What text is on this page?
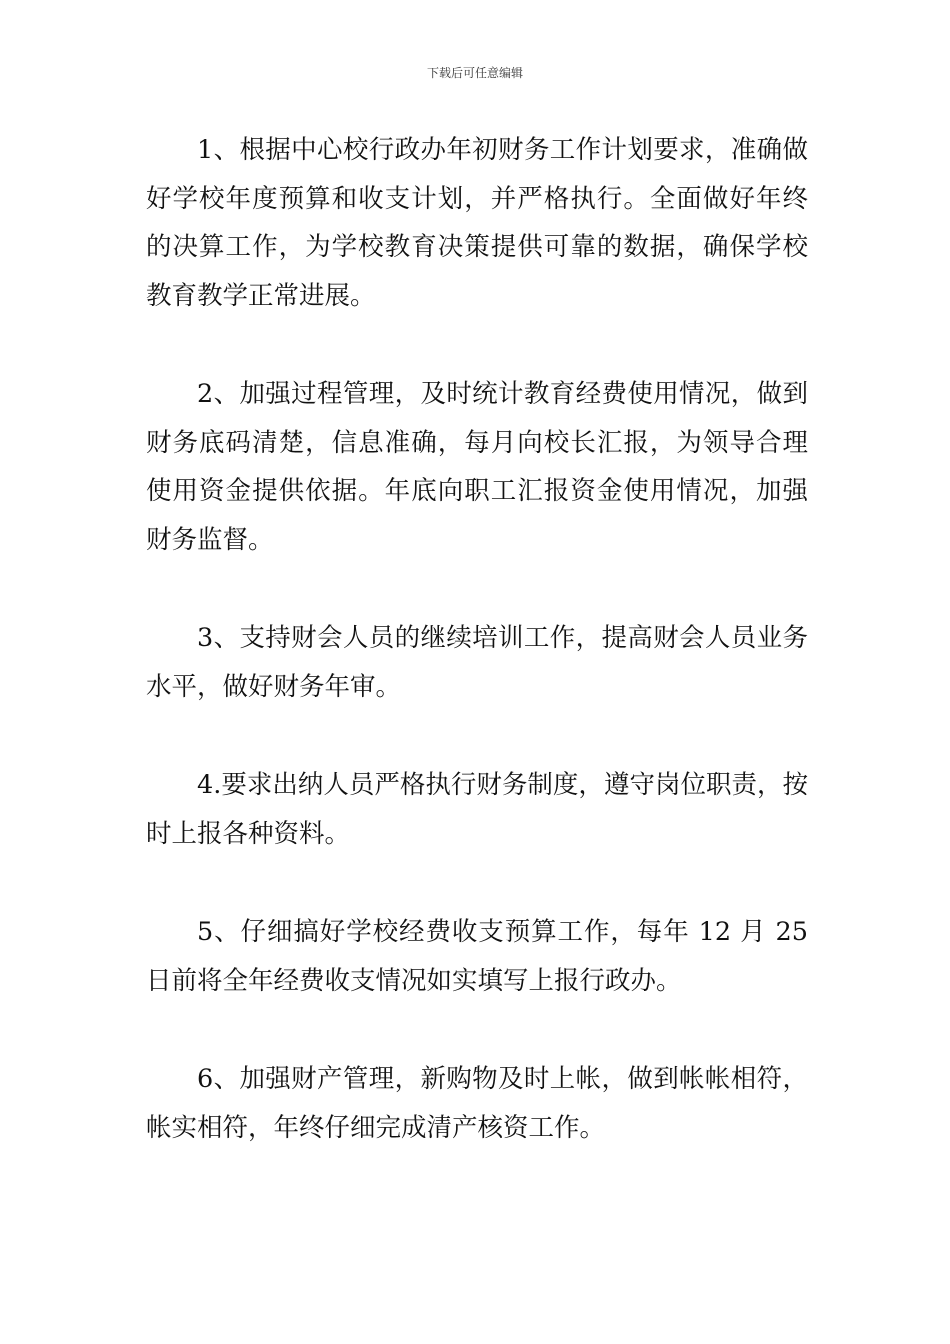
下载后可任意编辑

1、根据中心校行政办年初财务工作计划要求，准确做好学校年度预算和收支计划，并严格执行。全面做好年终的决算工作，为学校教育决策提供可靠的数据，确保学校教育教学正常进展。

2、加强过程管理，及时统计教育经费使用情况，做到财务底码清楚，信息准确，每月向校长汇报，为领导合理使用资金提供依据。年底向职工汇报资金使用情况，加强财务监督。

3、支持财会人员的继续培训工作，提高财会人员业务水平，做好财务年审。

4.要求出纳人员严格执行财务制度，遵守岗位职责，按时上报各种资料。

5、仔细搞好学校经费收支预算工作，每年 12 月 25 日前将全年经费收支情况如实填写上报行政办。

6、加强财产管理，新购物及时上帐，做到帐帐相符，帐实相符，年终仔细完成清产核资工作。
